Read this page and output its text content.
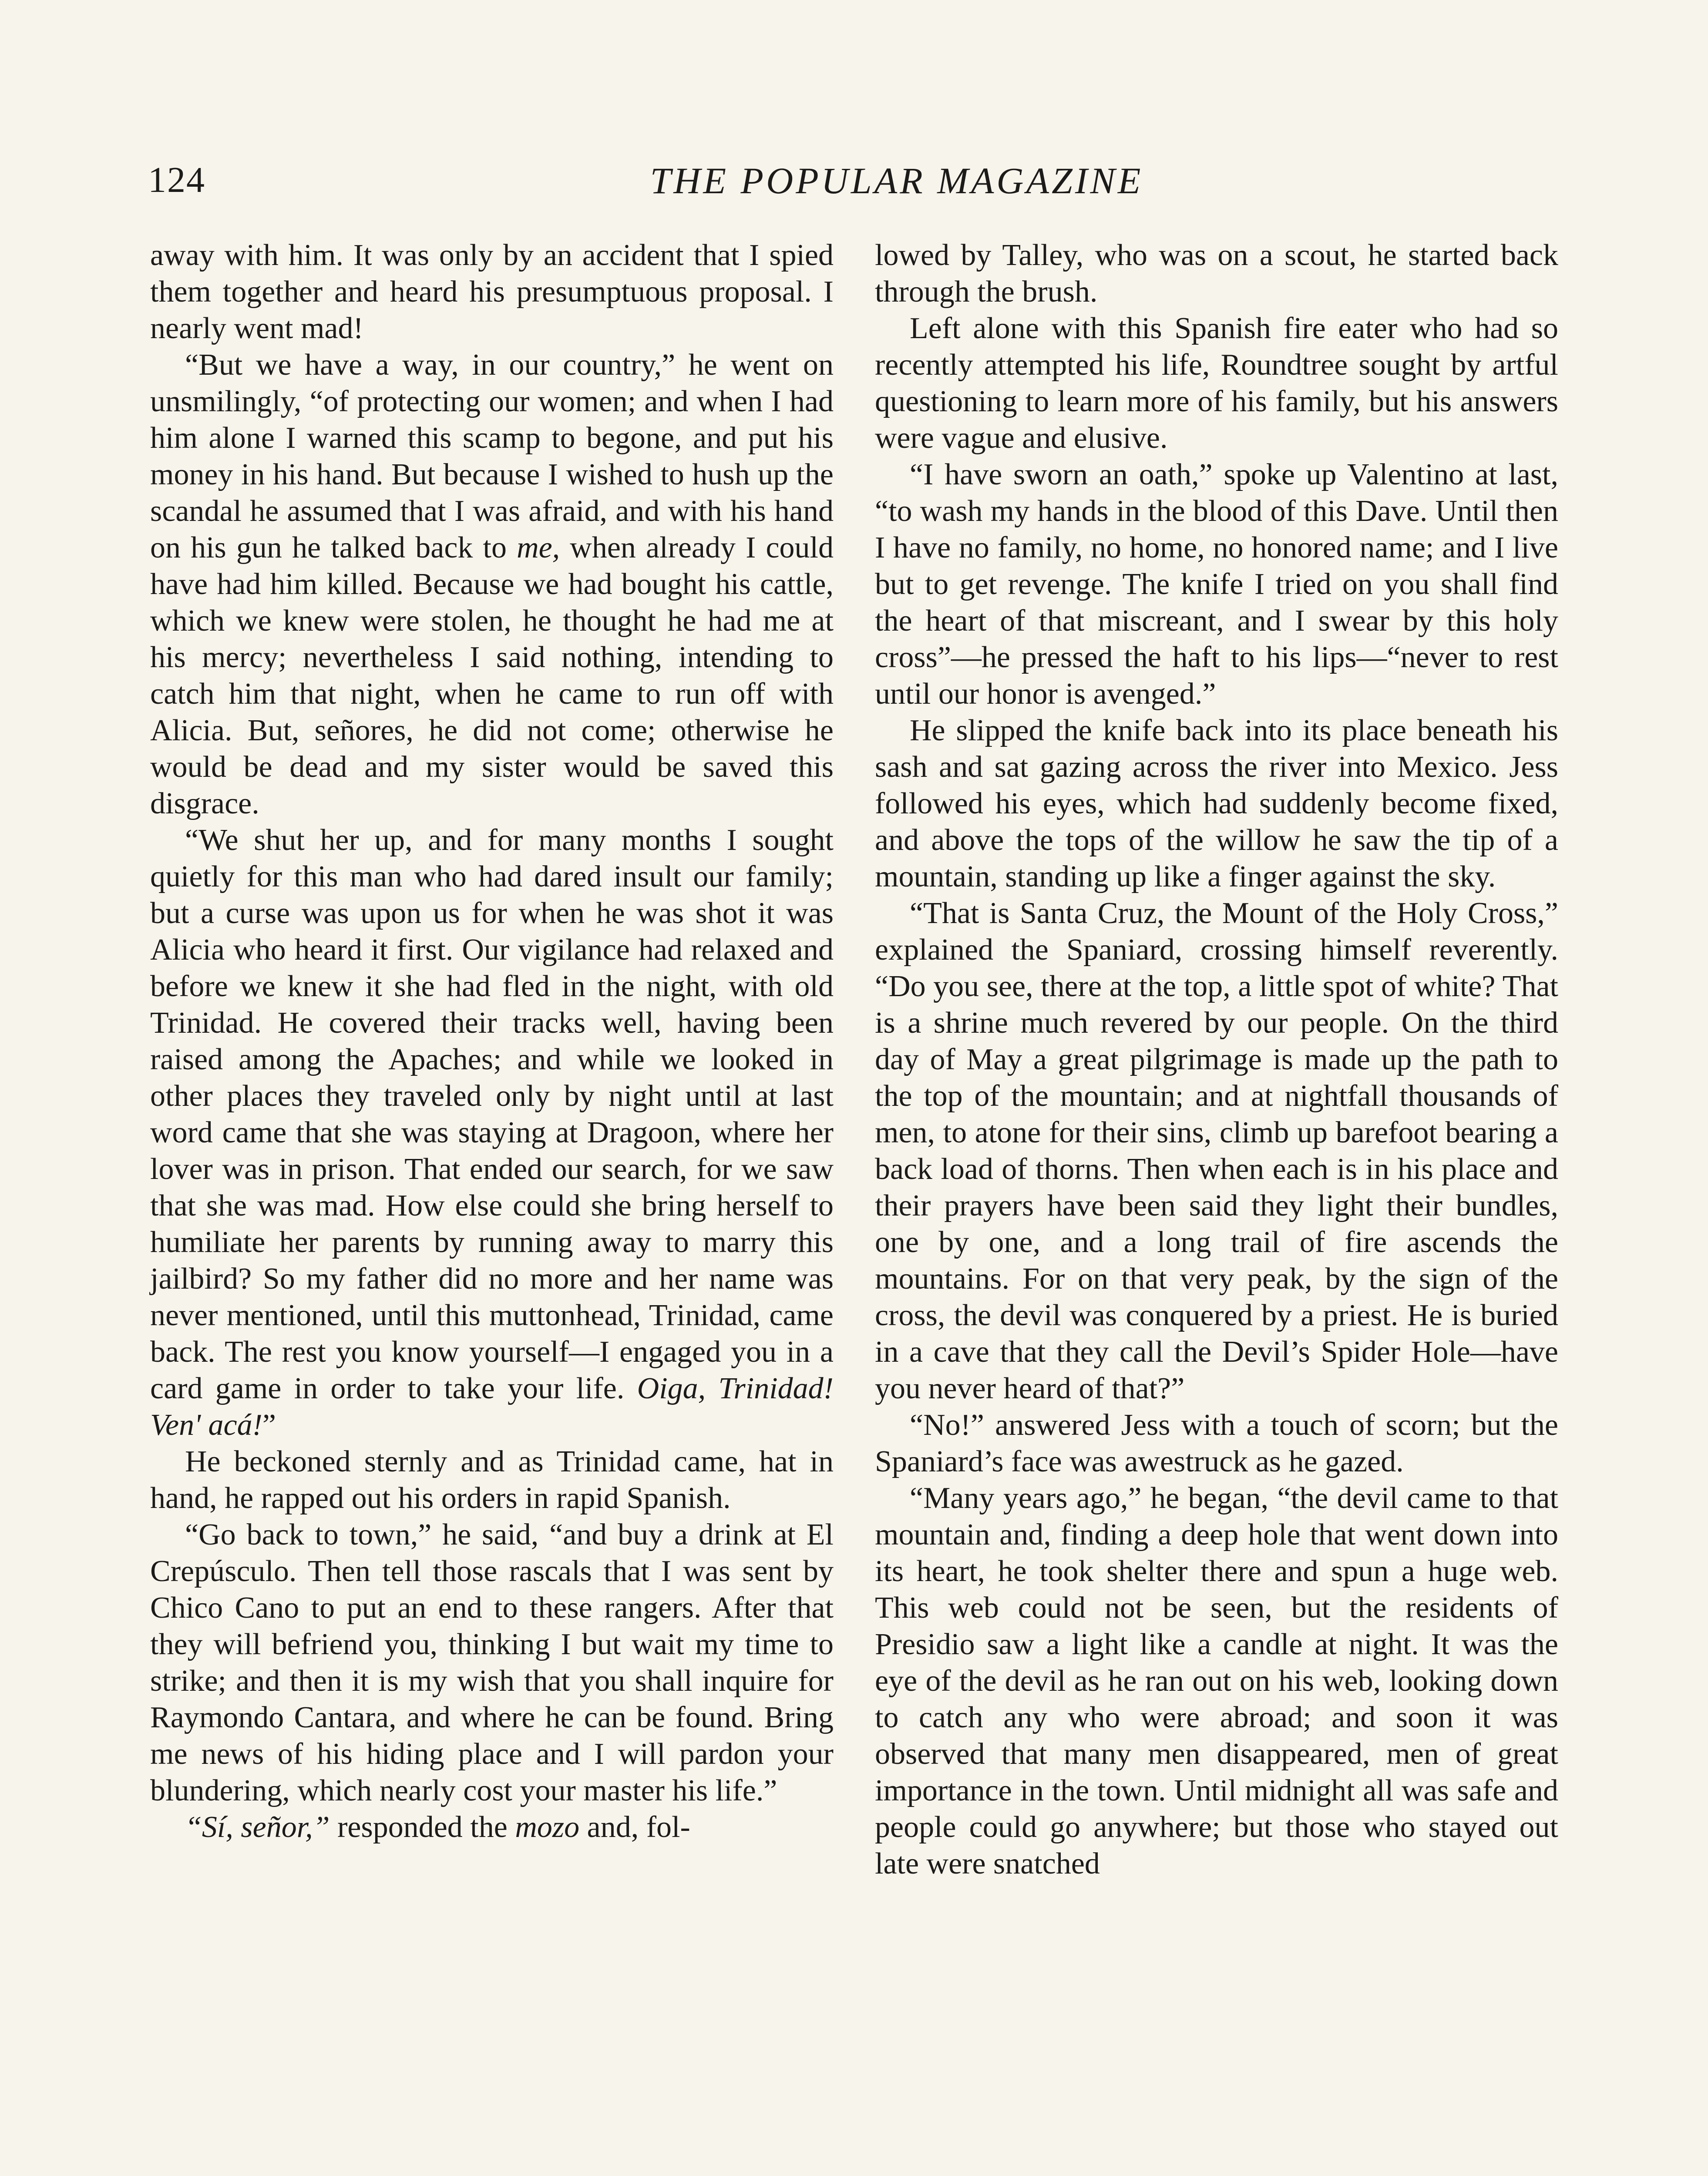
124	THE POPULAR MAGAZINE

away with him. It was only by an accident that I spied them together and heard his presumptuous proposal. I nearly went mad!

“But we have a way, in our country,” he went on unsmilingly, “of protecting our women; and when I had him alone I warned this scamp to begone, and put his money in his hand. But because I wished to hush up the scandal he assumed that I was afraid, and with his hand on his gun he talked back to me, when already I could have had him killed. Because we had bought his cattle, which we knew were stolen, he thought he had me at his mercy; nevertheless I said nothing, intending to catch him that night, when he came to run off with Alicia. But, señores, he did not come; otherwise he would be dead and my sister would be saved this disgrace.

“We shut her up, and for many months I sought quietly for this man who had dared insult our family; but a curse was upon us for when he was shot it was Alicia who heard it first. Our vigilance had relaxed and before we knew it she had fled in the night, with old Trinidad. He covered their tracks well, having been raised among the Apaches; and while we looked in other places they traveled only by night until at last word came that she was staying at Dragoon, where her lover was in prison. That ended our search, for we saw that she was mad. How else could she bring herself to humiliate her parents by running away to marry this jailbird? So my father did no more and her name was never mentioned, until this muttonhead, Trinidad, came back. The rest you know yourself—I engaged you in a card game in order to take your life. Oiga, Trinidad! Ven' acá!”

He beckoned sternly and as Trinidad came, hat in hand, he rapped out his orders in rapid Spanish.

“Go back to town,” he said, “and buy a drink at El Crepúsculo. Then tell those rascals that I was sent by Chico Cano to put an end to these rangers. After that they will befriend you, thinking I but wait my time to strike; and then it is my wish that you shall inquire for Raymondo Cantara, and where he can be found. Bring me news of his hiding place and I will pardon your blundering, which nearly cost your master his life.”

“Sí, señor,” responded the mozo and, fol-

lowed by Talley, who was on a scout, he started back through the brush.

Left alone with this Spanish fire eater who had so recently attempted his life, Roundtree sought by artful questioning to learn more of his family, but his answers were vague and elusive.

“I have sworn an oath,” spoke up Valentino at last, “to wash my hands in the blood of this Dave. Until then I have no family, no home, no honored name; and I live but to get revenge. The knife I tried on you shall find the heart of that miscreant, and I swear by this holy cross”—he pressed the haft to his lips—“never to rest until our honor is avenged.”

He slipped the knife back into its place beneath his sash and sat gazing across the river into Mexico. Jess followed his eyes, which had suddenly become fixed, and above the tops of the willow he saw the tip of a mountain, standing up like a finger against the sky.

“That is Santa Cruz, the Mount of the Holy Cross,” explained the Spaniard, crossing himself reverently. “Do you see, there at the top, a little spot of white? That is a shrine much revered by our people. On the third day of May a great pilgrimage is made up the path to the top of the mountain; and at nightfall thousands of men, to atone for their sins, climb up barefoot bearing a back load of thorns. Then when each is in his place and their prayers have been said they light their bundles, one by one, and a long trail of fire ascends the mountains. For on that very peak, by the sign of the cross, the devil was conquered by a priest. He is buried in a cave that they call the Devil’s Spider Hole—have you never heard of that?”

“No!” answered Jess with a touch of scorn; but the Spaniard’s face was awestruck as he gazed.

“Many years ago,” he began, “the devil came to that mountain and, finding a deep hole that went down into its heart, he took shelter there and spun a huge web. This web could not be seen, but the residents of Presidio saw a light like a candle at night. It was the eye of the devil as he ran out on his web, looking down to catch any who were abroad; and soon it was observed that many men disappeared, men of great importance in the town. Until midnight all was safe and people could go anywhere; but those who stayed out late were snatched
